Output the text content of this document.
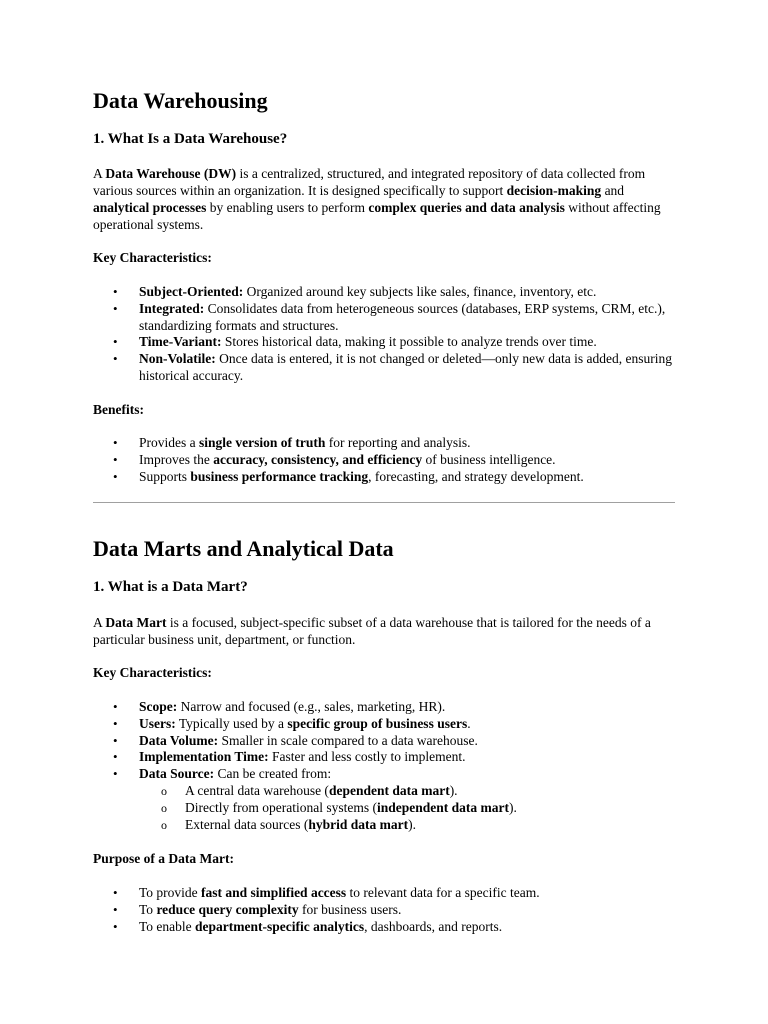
Data Warehousing
1. What Is a Data Warehouse?

A Data Warehouse (DW) is a centralized, structured, and integrated repository of data collected from various sources within an organization. It is designed specifically to support decision-making and analytical processes by enabling users to perform complex queries and data analysis without affecting operational systems.

Key Characteristics:
• Subject-Oriented: Organized around key subjects like sales, finance, inventory, etc.
• Integrated: Consolidates data from heterogeneous sources (databases, ERP systems, CRM, etc.), standardizing formats and structures.
• Time-Variant: Stores historical data, making it possible to analyze trends over time.
• Non-Volatile: Once data is entered, it is not changed or deleted—only new data is added, ensuring historical accuracy.
Benefits:
• Provides a single version of truth for reporting and analysis.
• Improves the accuracy, consistency, and efficiency of business intelligence.
• Supports business performance tracking, forecasting, and strategy development.
Data Marts and Analytical Data
1. What is a Data Mart?

A Data Mart is a focused, subject-specific subset of a data warehouse that is tailored for the needs of a particular business unit, department, or function.

Key Characteristics:
• Scope: Narrow and focused (e.g., sales, marketing, HR).
• Users: Typically used by a specific group of business users.
• Data Volume: Smaller in scale compared to a data warehouse.
• Implementation Time: Faster and less costly to implement.
• Data Source: Can be created from:
o A central data warehouse (dependent data mart).
o Directly from operational systems (independent data mart).
o External data sources (hybrid data mart).
Purpose of a Data Mart:
• To provide fast and simplified access to relevant data for a specific team.
• To reduce query complexity for business users.
• To enable department-specific analytics, dashboards, and reports.
